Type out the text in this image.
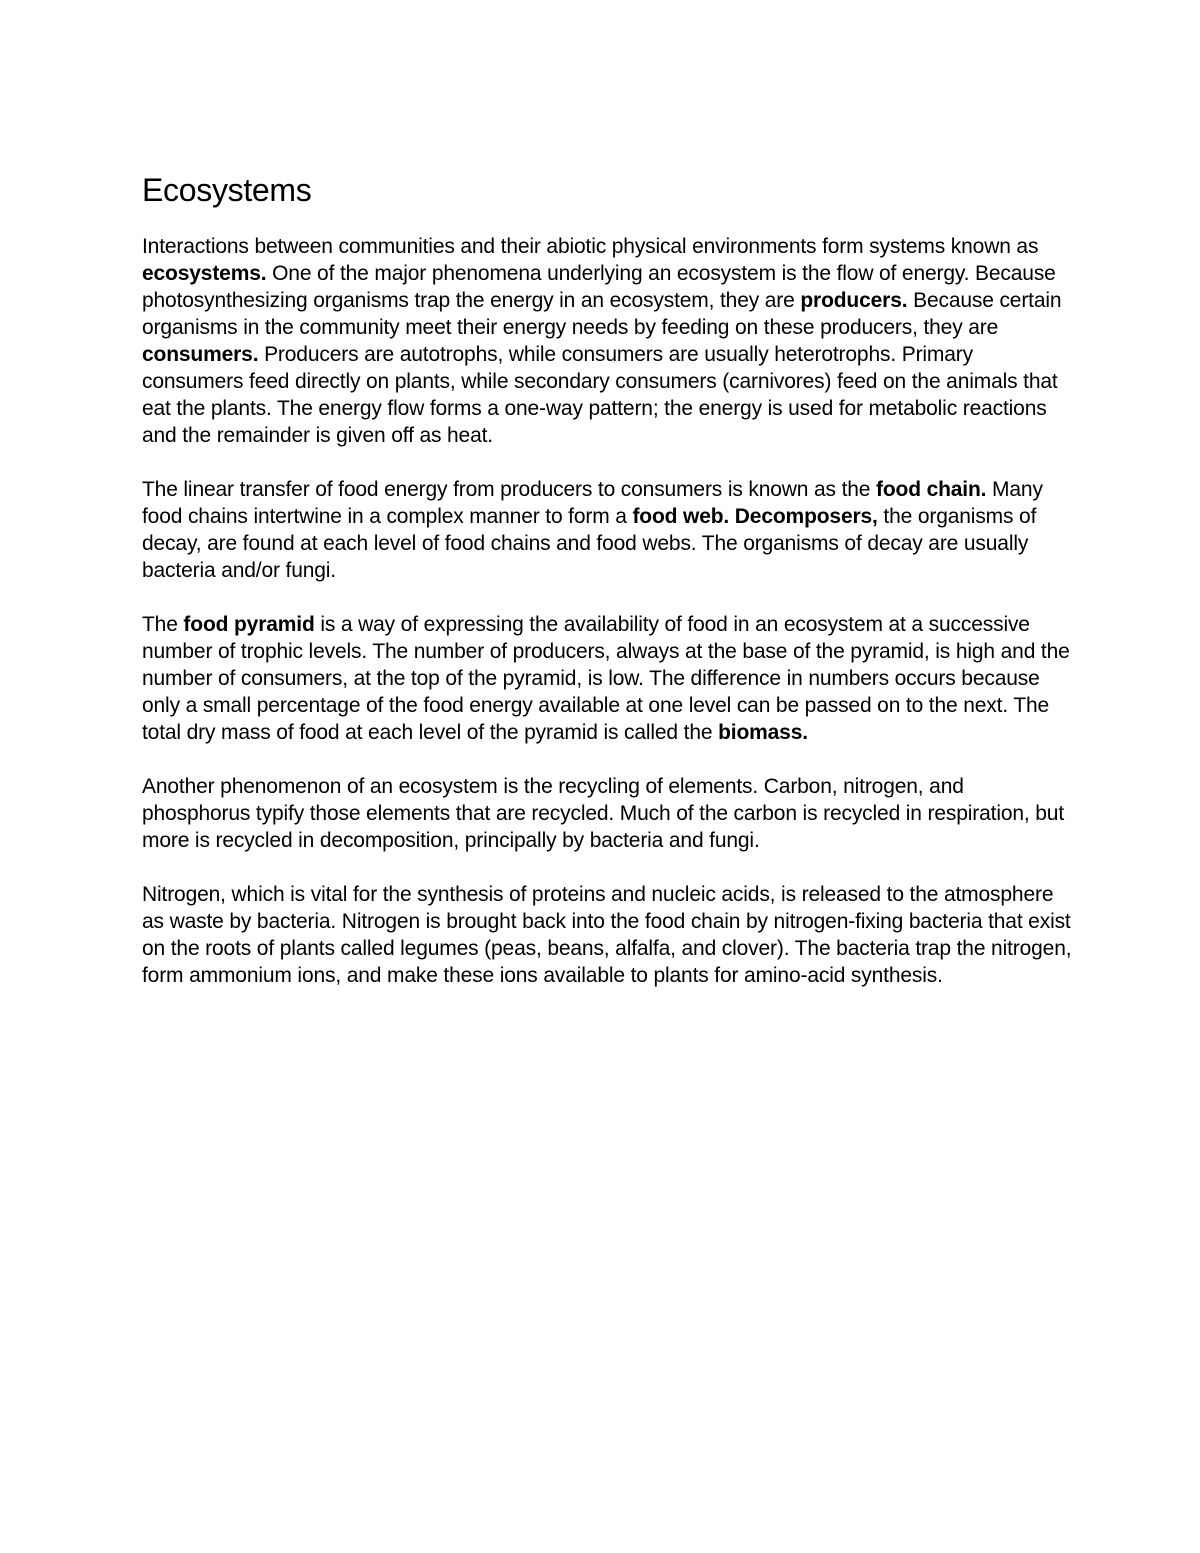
Ecosystems

Interactions between communities and their abiotic physical environments form systems known as ecosystems. One of the major phenomena underlying an ecosystem is the flow of energy. Because photosynthesizing organisms trap the energy in an ecosystem, they are producers. Because certain organisms in the community meet their energy needs by feeding on these producers, they are consumers. Producers are autotrophs, while consumers are usually heterotrophs. Primary consumers feed directly on plants, while secondary consumers (carnivores) feed on the animals that eat the plants. The energy flow forms a one-way pattern; the energy is used for metabolic reactions and the remainder is given off as heat.

The linear transfer of food energy from producers to consumers is known as the food chain. Many food chains intertwine in a complex manner to form a food web. Decomposers, the organisms of decay, are found at each level of food chains and food webs. The organisms of decay are usually bacteria and/or fungi.

The food pyramid is a way of expressing the availability of food in an ecosystem at a successive number of trophic levels. The number of producers, always at the base of the pyramid, is high and the number of consumers, at the top of the pyramid, is low. The difference in numbers occurs because only a small percentage of the food energy available at one level can be passed on to the next. The total dry mass of food at each level of the pyramid is called the biomass.

Another phenomenon of an ecosystem is the recycling of elements. Carbon, nitrogen, and phosphorus typify those elements that are recycled. Much of the carbon is recycled in respiration, but more is recycled in decomposition, principally by bacteria and fungi.

Nitrogen, which is vital for the synthesis of proteins and nucleic acids, is released to the atmosphere as waste by bacteria. Nitrogen is brought back into the food chain by nitrogen-fixing bacteria that exist on the roots of plants called legumes (peas, beans, alfalfa, and clover). The bacteria trap the nitrogen, form ammonium ions, and make these ions available to plants for amino-acid synthesis.
